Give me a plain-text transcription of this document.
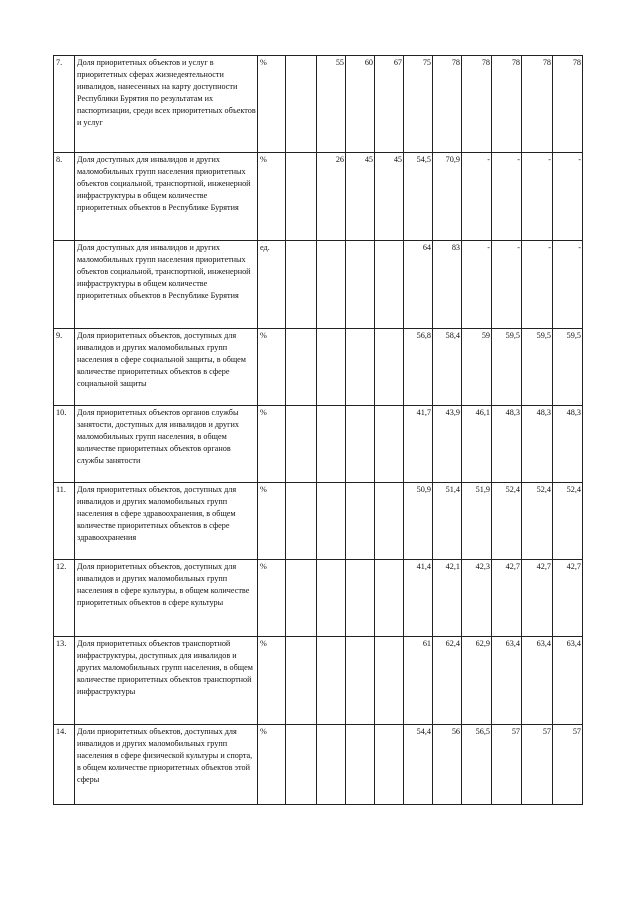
7.	Доля приоритетных объектов и услуг в приоритетных сферах жизнедеятельности инвалидов, нанесенных на карту доступности Республики Бурятия по результатам их паспортизации, среди всех приоритетных объектов и услуг	%		55	60	67	75	78	78	78	78	78
8.	Доля доступных для инвалидов и других маломобильных групп населения приоритетных объектов социальной, транспортной, инженерной инфраструктуры в общем количестве приоритетных объектов в Республике Бурятия	%		26	45	45	54,5	70,9	-	-	-	-
	Доля доступных для инвалидов и других маломобильных групп населения приоритетных объектов социальной, транспортной, инженерной инфраструктуры в общем количестве приоритетных объектов в Республике Бурятия	ед.					64	83	-	-	-	-
9.	Доля приоритетных объектов, доступных для инвалидов и других маломобильных групп населения в сфере социальной защиты, в общем количестве приоритетных объектов в сфере социальной защиты	%					56,8	58,4	59	59,5	59,5	59,5
10.	Доля приоритетных объектов органов службы занятости, доступных для инвалидов и других маломобильных групп населения, в общем количестве приоритетных объектов органов службы занятости	%					41,7	43,9	46,1	48,3	48,3	48,3
11.	Доля приоритетных объектов, доступных для инвалидов и других маломобильных групп населения в сфере здравоохранения, в общем количестве приоритетных объектов в сфере здравоохранения	%					50,9	51,4	51,9	52,4	52,4	52,4
12.	Доля приоритетных объектов, доступных для инвалидов и других маломобильных групп населения в сфере культуры, в общем количестве приоритетных объектов в сфере культуры	%					41,4	42,1	42,3	42,7	42,7	42,7
13.	Доля приоритетных объектов транспортной инфраструктуры, доступных для инвалидов и других маломобильных групп населения, в общем количестве приоритетных объектов транспортной инфраструктуры	%					61	62,4	62,9	63,4	63,4	63,4
14.	Доли приоритетных объектов, доступных для инвалидов и других маломобильных групп населения в сфере физической культуры и спорта, в общем количестве приоритетных объектов этой сферы	%					54,4	56	56,5	57	57	57
